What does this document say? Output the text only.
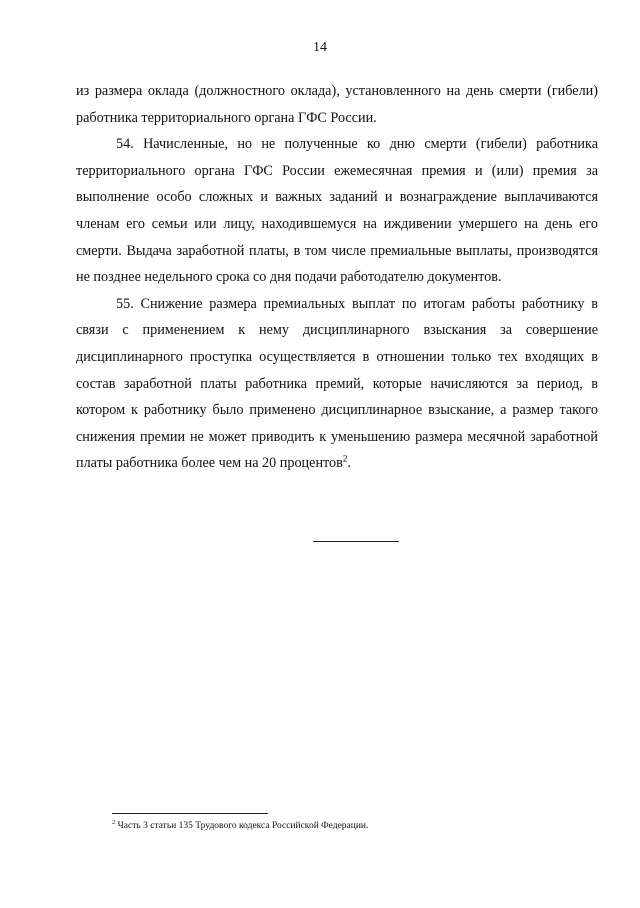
14

из размера оклада (должностного оклада), установленного на день смерти (гибели) работника территориального органа ГФС России.

54. Начисленные, но не полученные ко дню смерти (гибели) работника территориального органа ГФС России ежемесячная премия и (или) премия за выполнение особо сложных и важных заданий и вознаграждение выплачиваются членам его семьи или лицу, находившемуся на иждивении умершего на день его смерти. Выдача заработной платы, в том числе премиальные выплаты, производятся не позднее недельного срока со дня подачи работодателю документов.

55. Снижение размера премиальных выплат по итогам работы работнику в связи с применением к нему дисциплинарного взыскания за совершение дисциплинарного проступка осуществляется в отношении только тех входящих в состав заработной платы работника премий, которые начисляются за период, в котором к работнику было применено дисциплинарное взыскание, а размер такого снижения премии не может приводить к уменьшению размера месячной заработной платы работника более чем на 20 процентов$^2$.

$^2$ Часть 3 статьи 135 Трудового кодекса Российской Федерации.
